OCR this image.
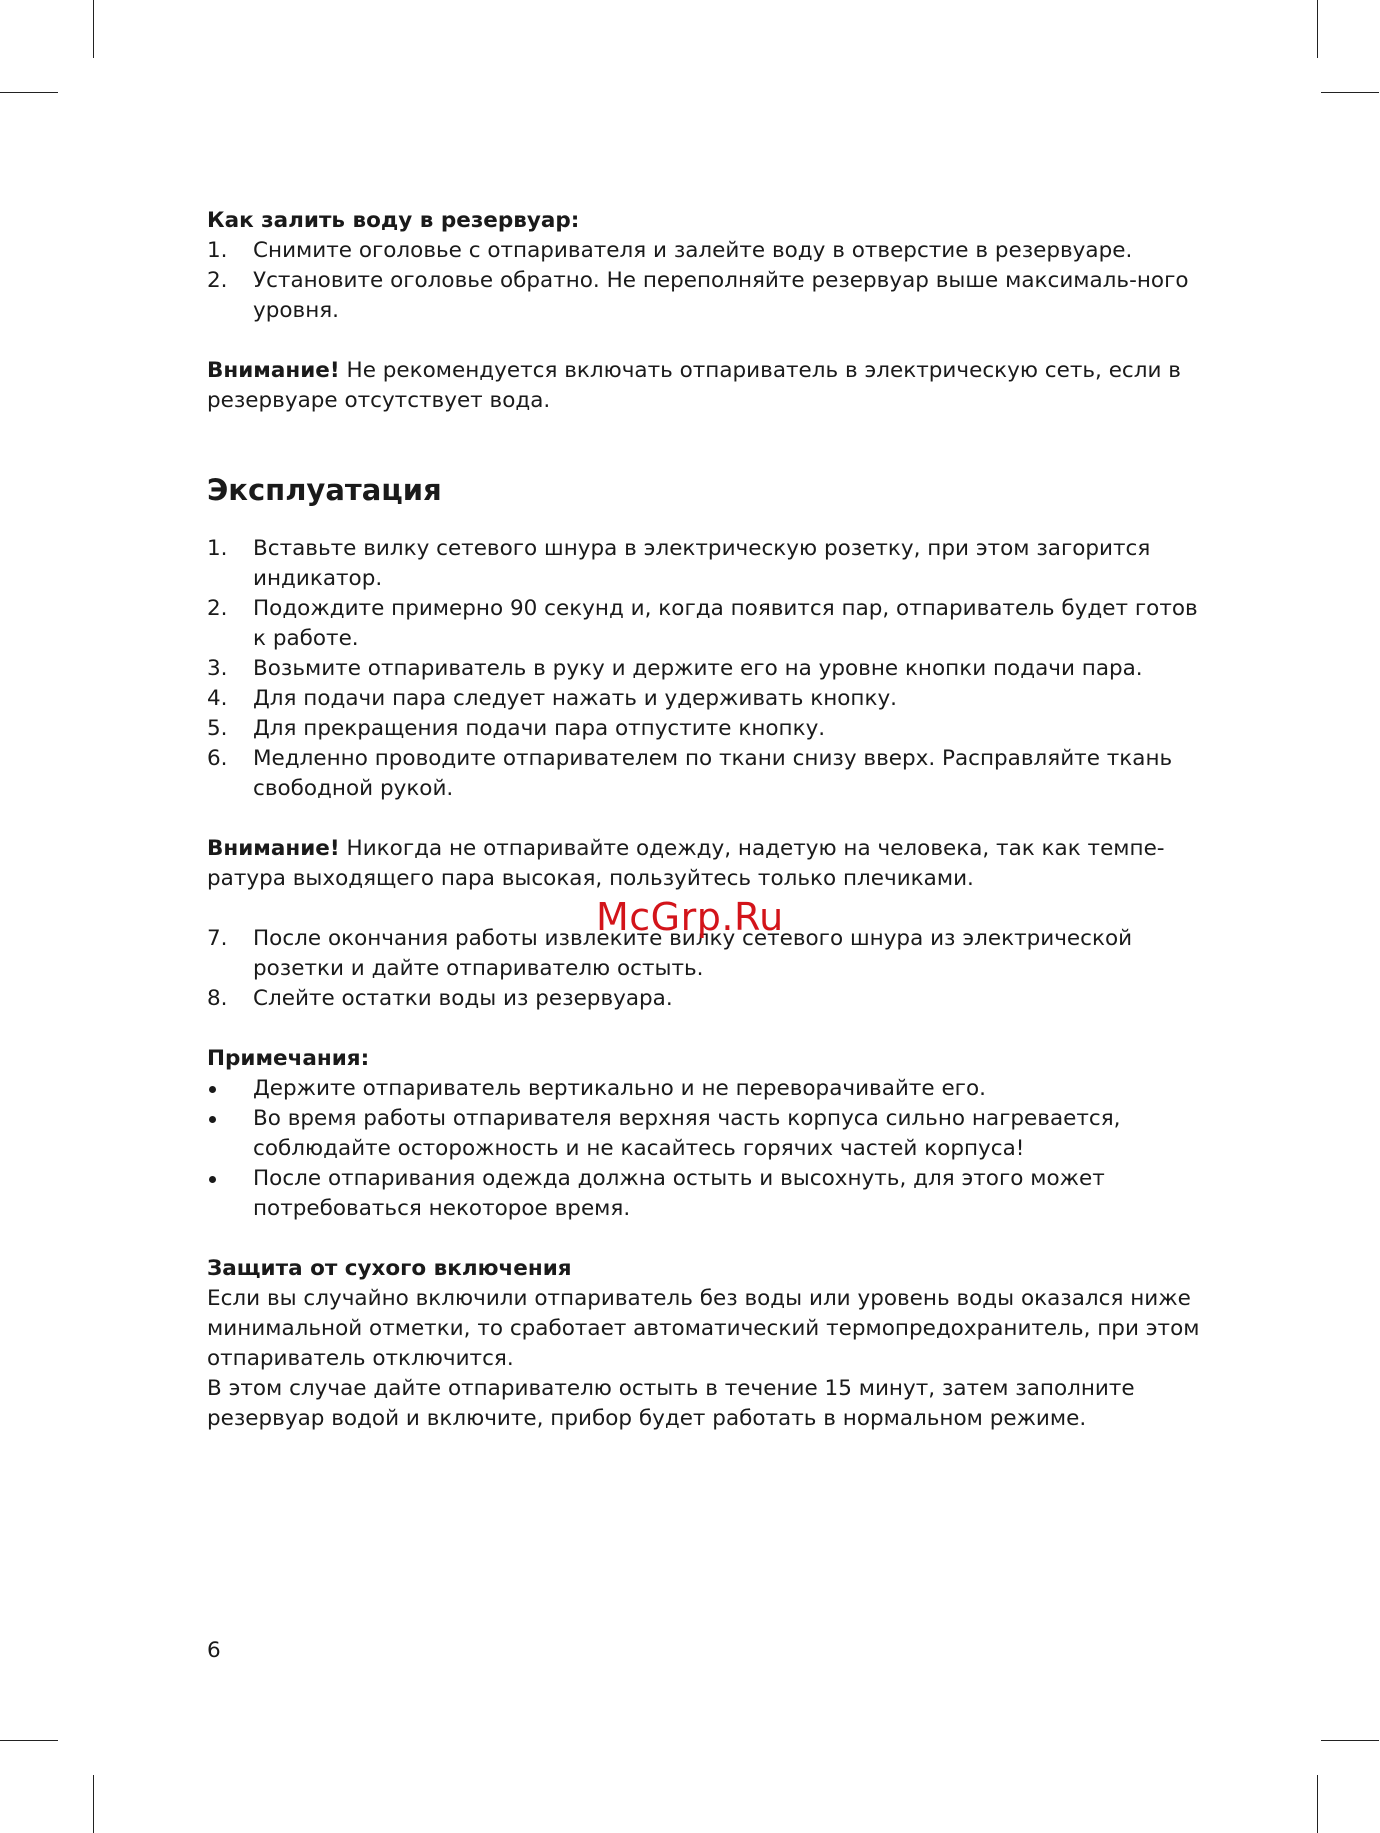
Как залить воду в резервуар:

1. Снимите оголовье с отпаривателя и залейте воду в отверстие в резервуаре.
2. Установите оголовье обратно. Не переполняйте резервуар выше максималь-ного уровня.

Внимание! Не рекомендуется включать отпариватель в электрическую сеть, если в резервуаре отсутствует вода.

Эксплуатация

1. Вставьте вилку сетевого шнура в электрическую розетку, при этом загорится индикатор.
2. Подождите примерно 90 секунд и, когда появится пар, отпариватель будет готов к работе.
3. Возьмите отпариватель в руку и держите его на уровне кнопки подачи пара.
4. Для подачи пара следует нажать и удерживать кнопку.
5. Для прекращения подачи пара отпустите кнопку.
6. Медленно проводите отпаривателем по ткани снизу вверх. Расправляйте ткань свободной рукой.

Внимание! Никогда не отпаривайте одежду, надетую на человека, так как темпе-ратура выходящего пара высокая, пользуйтесь только плечиками.

7. После окончания работы извлеките вилку сетевого шнура из электрической розетки и дайте отпаривателю остыть.
8. Слейте остатки воды из резервуара.

Примечания:

Держите отпариватель вертикально и не переворачивайте его.
Во время работы отпаривателя верхняя часть корпуса сильно нагревается, соблюдайте осторожность и не касайтесь горячих частей корпуса!
После отпаривания одежда должна остыть и высохнуть, для этого может потребоваться некоторое время.

Защита от сухого включения

Если вы случайно включили отпариватель без воды или уровень воды оказался ниже минимальной отметки, то сработает автоматический термопредохранитель, при этом отпариватель отключится.

В этом случае дайте отпаривателю остыть в течение 15 минут, затем заполните резервуар водой и включите, прибор будет работать в нормальном режиме.

McGrp.Ru
6
